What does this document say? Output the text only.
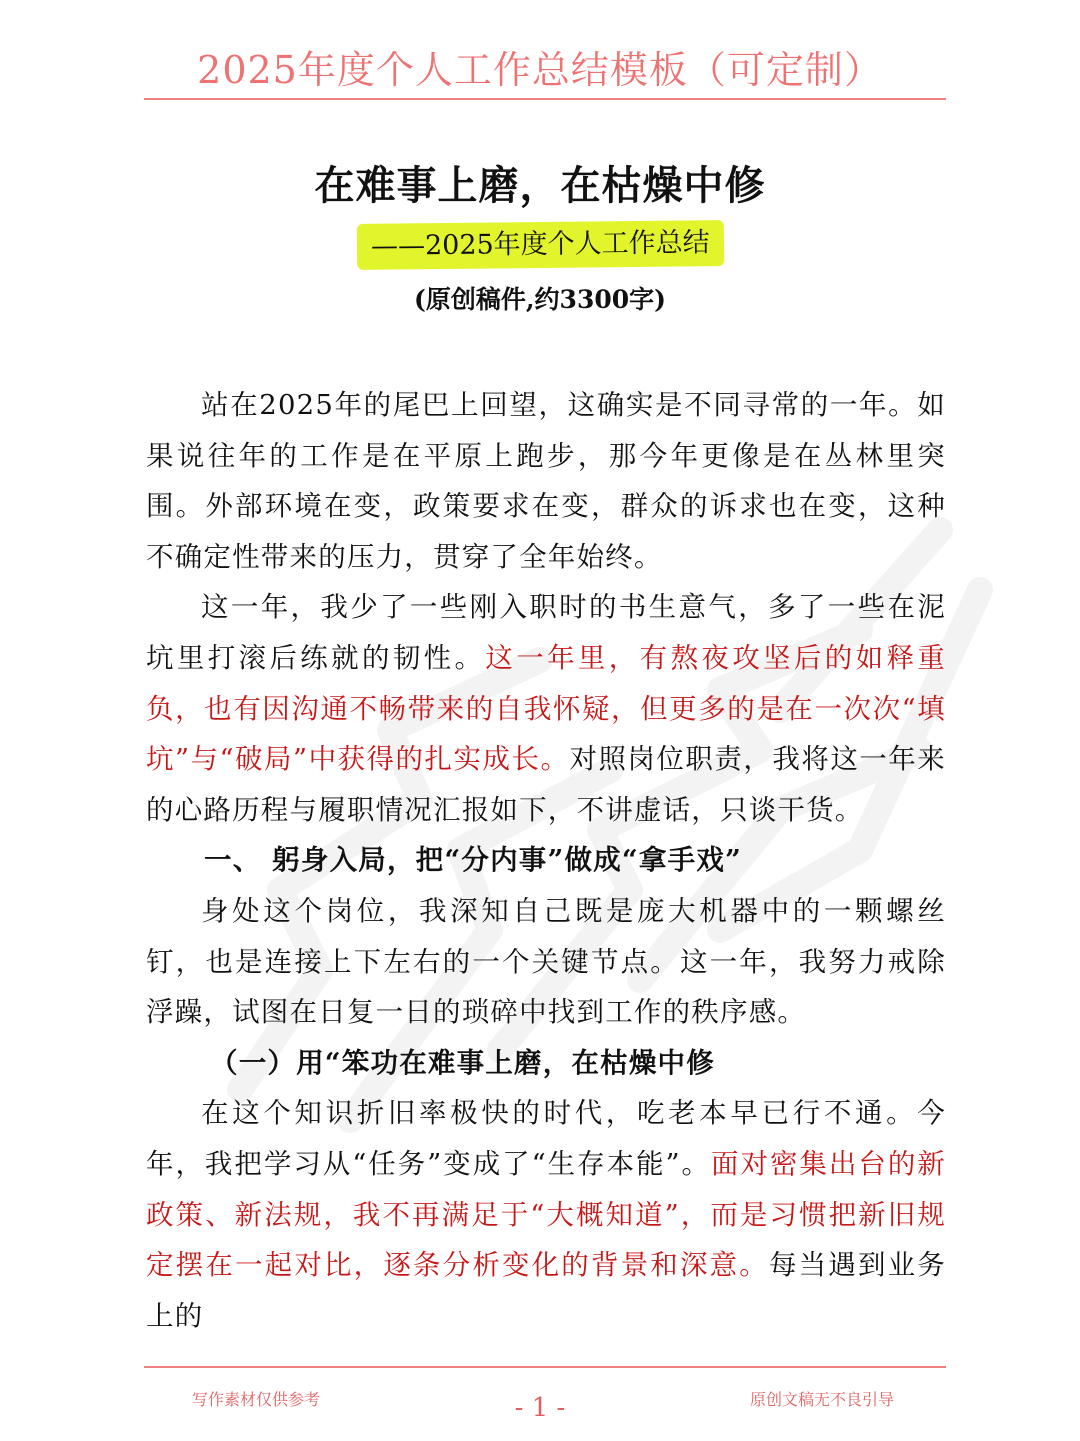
2025年度个人工作总结模板（可定制）
在难事上磨，在枯燥中修
——2025年度个人工作总结
(原创稿件,约3300字)

站在2025年的尾巴上回望，这确实是不同寻常的一年。如果说往年的工作是在平原上跑步，那今年更像是在丛林里突围。外部环境在变，政策要求在变，群众的诉求也在变，这种不确定性带来的压力，贯穿了全年始终。

这一年，我少了一些刚入职时的书生意气，多了一些在泥坑里打滚后练就的韧性。这一年里，有熬夜攻坚后的如释重负，也有因沟通不畅带来的自我怀疑，但更多的是在一次次“填坑”与“破局”中获得的扎实成长。对照岗位职责，我将这一年来的心路历程与履职情况汇报如下，不讲虚话，只谈干货。

一、 躬身入局，把“分内事”做成“拿手戏”

身处这个岗位，我深知自己既是庞大机器中的一颗螺丝钉，也是连接上下左右的一个关键节点。这一年，我努力戒除浮躁，试图在日复一日的琐碎中找到工作的秩序感。

（一）用“笨功在难事上磨，在枯燥中修

在这个知识折旧率极快的时代，吃老本早已行不通。今年，我把学习从“任务”变成了“生存本能”。面对密集出台的新政策、新法规，我不再满足于“大概知道”，而是习惯把新旧规定摆在一起对比，逐条分析变化的背景和深意。每当遇到业务上的

写作素材仅供参考	- 1 -	原创文稿无不良引导
